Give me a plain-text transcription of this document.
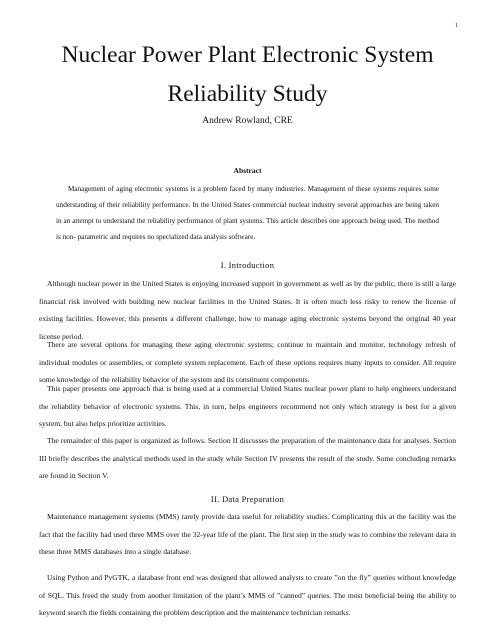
1
Nuclear Power Plant Electronic System Reliability Study
Andrew Rowland, CRE
Abstract

Management of aging electronic systems is a problem faced by many industries. Management of these systems requires some understanding of their reliability performance. In the United States commercial nuclear industry several approaches are being taken in an attempt to understand the reliability performance of plant systems. This article describes one approach being used. The method is non- parametric and requires no specialized data analysis software.

I. Introduction

Although nuclear power in the United States is enjoying increased support in government as well as by the public, there is still a large financial risk involved with building new nuclear facilities in the United States. It is often much less risky to renew the license of existing facilities. However, this presents a different challenge, how to manage aging electronic systems beyond the original 40 year license period.

There are several options for managing these aging electronic systems; continue to maintain and monitor, technology refresh of individual modules or assemblies, or complete system replacement. Each of these options requires many inputs to consider. All require some knowledge of the reliability behavior of the system and its constituent components.

This paper presents one approach that is being used at a commercial United States nuclear power plant to help engineers understand the reliability behavior of electronic systems. This, in turn, helps engineers recommend not only which strategy is best for a given system, but also helps prioritize activities.

The remainder of this paper is organized as follows. Section II discusses the preparation of the maintenance data for analyses. Section III briefly describes the analytical methods used in the study while Section IV presents the result of the study. Some concluding remarks are found in Section V.

II. Data Preparation

Maintenance management systems (MMS) rarely provide data useful for reliability studies. Complicating this at the facility was the fact that the facility had used three MMS over the 32-year life of the plant. The first step in the study was to combine the relevant data in these three MMS databases into a single database.

Using Python and PyGTK, a database front end was designed that allowed analysts to create ”on the fly” queries without knowledge of SQL. This freed the study from another limitation of the plant’s MMS of ”canned” queries. The most beneficial being the ability to keyword search the fields containing the problem description and the maintenance technician remarks.
